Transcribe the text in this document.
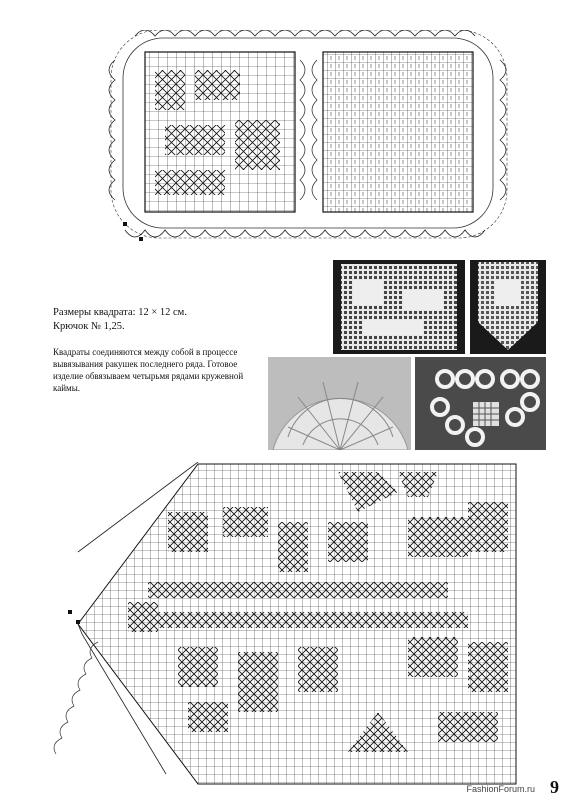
Размеры квадрата: 12 × 12 см.
Крючок № 1,25.
Квадраты соединяются между собой в процессе вывязывания ракушек последнего ряда. Готовое изделие обвязываем четырьмя рядами кружевной каймы.
FashionForum.ru 9
